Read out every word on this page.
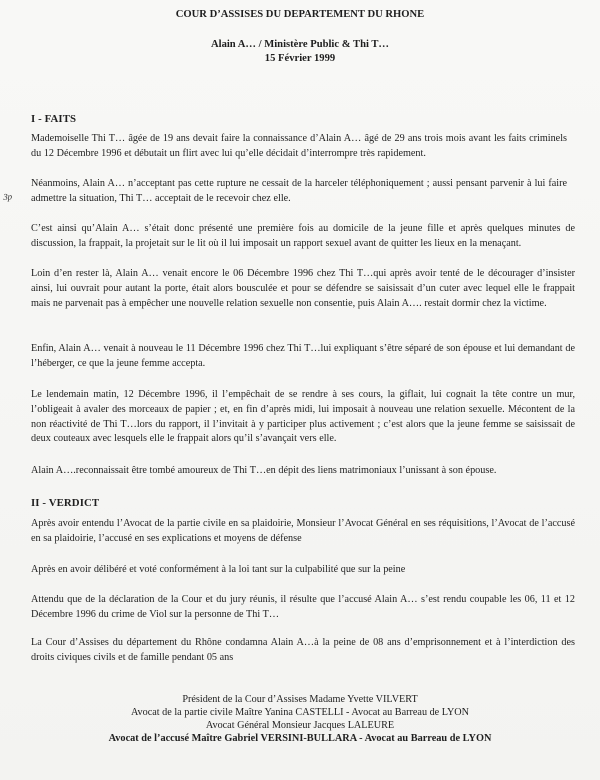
COUR D’ASSISES DU DEPARTEMENT DU RHONE
Alain A… / Ministère Public & Thi T…
15 Février 1999
3p
I - FAITS
Mademoiselle Thi T… âgée de 19 ans devait faire la connaissance d’Alain A… âgé de 29 ans trois mois avant les faits criminels du 12 Décembre 1996 et débutait un flirt avec lui qu’elle décidait d’interrompre très rapidement.
Néanmoins, Alain A… n’acceptant pas cette rupture ne cessait de la harceler téléphoniquement ; aussi pensant parvenir à lui faire admettre la situation, Thi T… acceptait de le recevoir chez elle.
C’est ainsi qu’Alain A… s’était donc présenté une première fois au domicile de la jeune fille et après quelques minutes de discussion, la frappait, la projetait sur le lit où il lui imposait un rapport sexuel avant de quitter les lieux en la menaçant.
Loin d’en rester là, Alain A… venait encore le 06 Décembre 1996 chez Thi T…qui après avoir tenté de le décourager d’insister ainsi, lui ouvrait pour autant la porte, était alors bousculée et pour se défendre se saisissait d’un cuter avec lequel elle le frappait mais ne parvenait pas à empêcher une nouvelle relation sexuelle non consentie, puis Alain A…. restait dormir chez la victime.
Enfin, Alain A… venait à nouveau le 11 Décembre 1996 chez Thi T…lui expliquant s’être séparé de son épouse et lui demandant de l’héberger, ce que la jeune femme accepta.
Le lendemain matin, 12 Décembre 1996, il l’empêchait de se rendre à ses cours, la giflait, lui cognait la tête contre un mur, l’obligeait à avaler des morceaux de papier ; et, en fin d’après midi, lui imposait à nouveau une relation sexuelle. Mécontent de la non réactivité de Thi T…lors du rapport, il l’invitait à y participer plus activement ; c’est alors que la jeune femme se saisissait de deux couteaux avec lesquels elle le frappait alors qu’il s’avançait vers elle.
Alain A….reconnaissait être tombé amoureux de Thi T…en dépit des liens matrimoniaux l’unissant à son épouse.
II - VERDICT
Après avoir entendu l’Avocat de la partie civile en sa plaidoirie, Monsieur l’Avocat Général en ses réquisitions, l’Avocat de l’accusé en sa plaidoirie, l’accusé en ses explications et moyens de défense
Après en avoir délibéré et voté conformément à la loi tant sur la culpabilité que sur la peine
Attendu que de la déclaration de la Cour et du jury réunis, il résulte que l’accusé Alain A… s’est rendu coupable les 06, 11 et 12 Décembre 1996 du crime de Viol sur la personne de Thi T…
La Cour d’Assises du département du Rhône condamna Alain A…à la peine de 08 ans d’emprisonnement et à l’interdiction des droits civiques civils et de famille pendant 05 ans
Président de la Cour d’Assises Madame Yvette VILVERT
Avocat de la partie civile Maître Yanina CASTELLI - Avocat au Barreau de LYON
Avocat Général Monsieur Jacques LALEURE
Avocat de l’accusé Maître Gabriel VERSINI-BULLARA - Avocat au Barreau de LYON
